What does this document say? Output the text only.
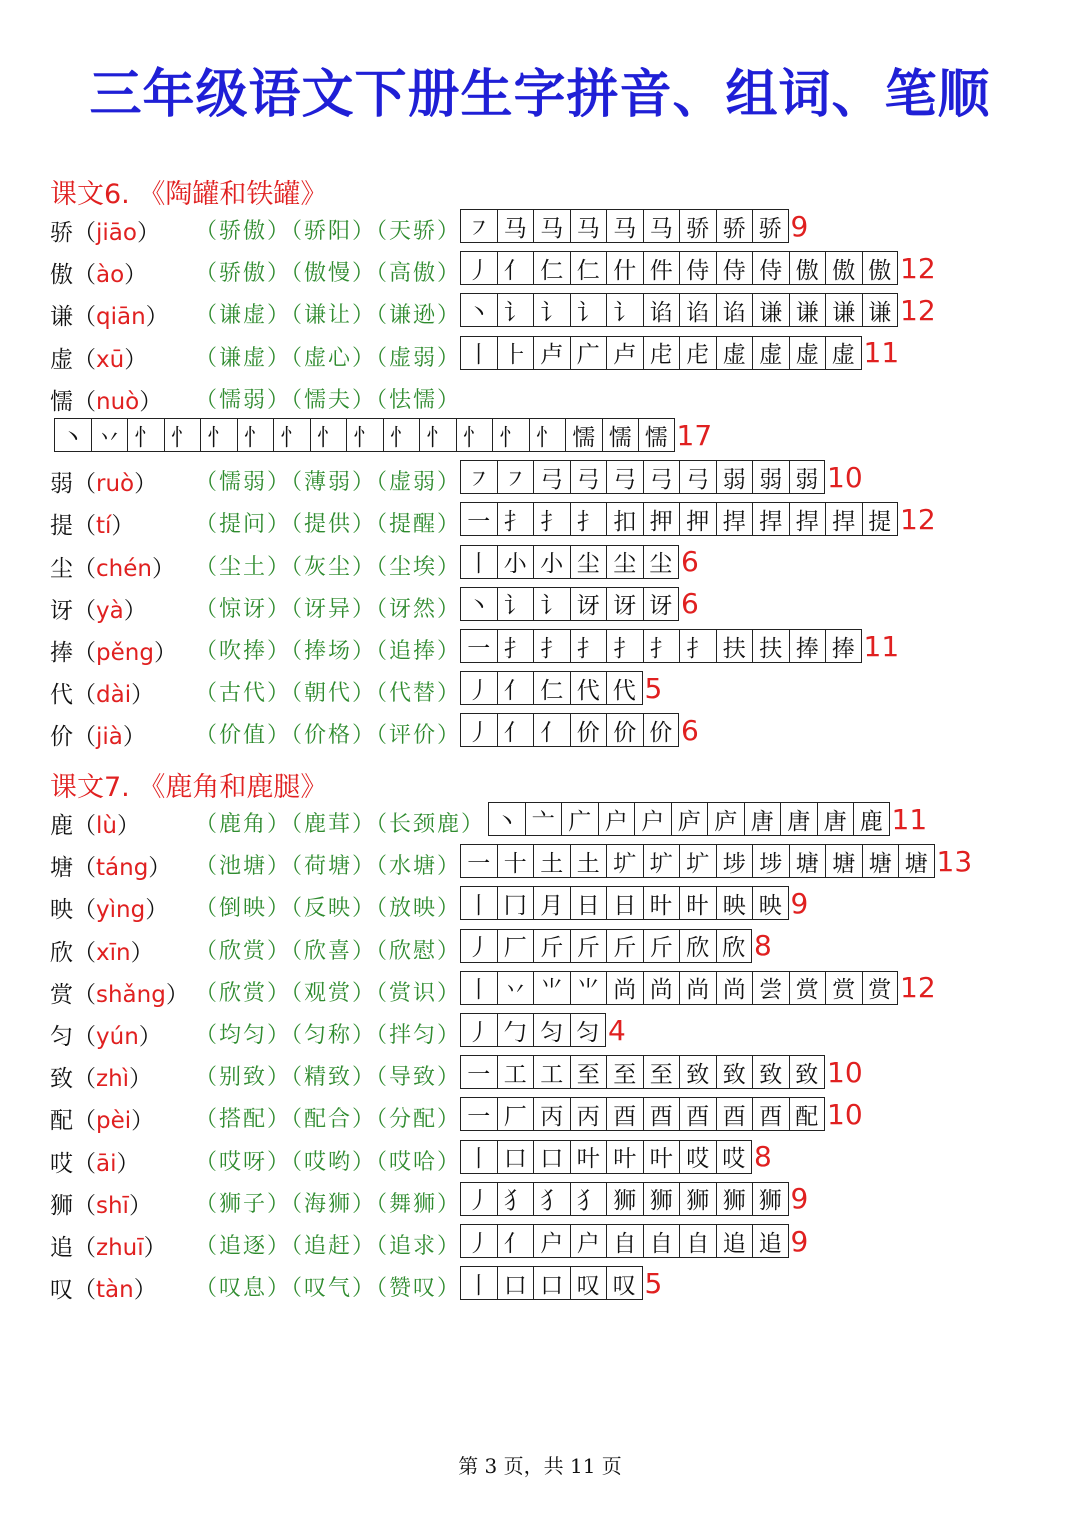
三年级语文下册生字拼音、组词、笔顺
课文6. 《陶罐和铁罐》
骄（jiāo） （骄傲）（骄阳）（天骄） ㇇ 马 马 马 马 马 骄 骄 骄 9
傲（ào） （骄傲）（傲慢）（高傲） 丿 亻 仁 仁 什 件 侍 侍 侍 傲 傲 傲 12
谦（qiān） （谦虚）（谦让）（谦逊） 丶 讠 讠 讠 讠 谄 谄 谄 谦 谦 谦 谦 12
虚（xū） （谦虚）（虚心）（虚弱） 丨 ⺊ 卢 广 卢 虍 虍 虚 虚 虚 虚 11
懦（nuò） （懦弱）（懦夫）（怯懦）
丶 丷 忄 忄 忄 忄 忄 忄 忄 忄 忄 忄 忄 忄 懦 懦 懦 17
弱（ruò） （懦弱）（薄弱）（虚弱） ㇇ ㇇ 弓 弓 弓 弓 弓 弱 弱 弱 10
提（tí）	（提问）（提供）（提醒） 一 扌 扌 扌 扣 押 押 捍 捍 捍 捍 提 12
尘（chén） （尘土）（灰尘）（尘埃） 丨 小 小 尘 尘 尘 6
讶（yà） （惊讶）（讶异）（讶然） 丶 讠 讠 讶 讶 讶 6
捧（pěng） （吹捧）（捧场）（追捧） 一 扌 扌 扌 扌 扌 扌 扶 扶 捧 捧 11
代（dài） （古代）（朝代）（代替） 丿 亻 仁 代 代 5
价（jià） （价值）（价格）（评价） 丿 亻 亻 价 价 价 6
课文7. 《鹿角和鹿腿》
鹿（lù）	（鹿角）（鹿茸）（长颈鹿） 丶 亠 广 户 户 庐 庐 唐 唐 唐 鹿 11
塘（táng） （池塘）（荷塘）（水塘） 一 十 土 土 圹 圹 圹 埗 埗 塘 塘 塘 塘 13
映（yìng） （倒映）（反映）（放映） 丨 冂 月 日 日 旪 旪 映 映 9
欣（xīn） （欣赏）（欣喜）（欣慰） 丿 厂 斤 斤 斤 斤 欣 欣 8
赏（shǎng） （欣赏）（观赏）（赏识） 丨 丷 ⺌ ⺌ 尚 尚 尚 尚 尝 赏 赏 赏 12
匀（yún） （均匀）（匀称）（拌匀） 丿 勹 匀 匀 4
致（zhì） （别致）（精致）（导致） 一 工 工 至 至 至 致 致 致 致 10
配（pèi） （搭配）（配合）（分配） 一 厂 丙 丙 酉 酉 酉 酉 酉 配 10
哎（āi）	（哎呀）（哎哟）（哎哈） 丨 口 口 叶 叶 叶 哎 哎 8
狮（shī） （狮子）（海狮）（舞狮） 丿 犭 犭 犭 狮 狮 狮 狮 狮 9
追（zhuī） （追逐）（追赶）（追求） 丿 亻 户 户 自 自 自 追 追 9
叹（tàn） （叹息）（叹气）（赞叹） 丨 口 口 叹 叹 5
第 3 页，共 11 页
